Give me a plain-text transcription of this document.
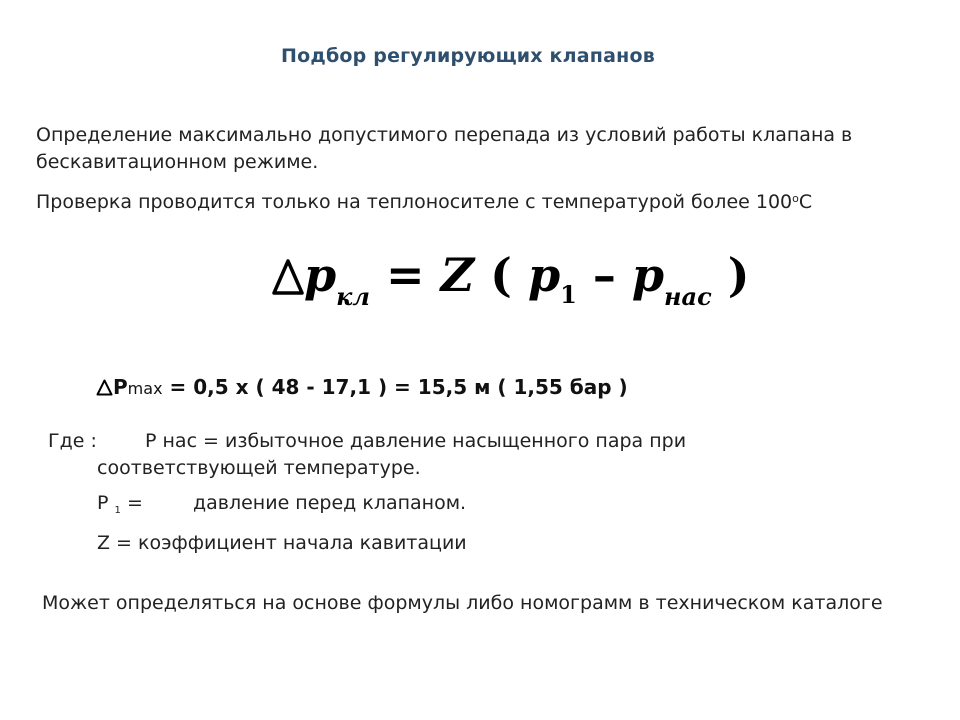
Подбор регулирующих клапанов
Определение максимально допустимого перепада из условий работы клапана в бескавитационном режиме.
Проверка проводится только на теплоносителе с температурой более $100^оС$
pкл = Z ( p1 – pнас )
Pmax = 0,5 х ( 48 - 17,1 ) = 15,5 м ( 1,55 бар )
Где :	P нас = избыточное давление насыщенного пара при
соответствующей температуре.
P $_1$ =	давление перед клапаном.
Z = коэффициент начала кавитации
Может определяться на основе формулы либо номограмм в техническом каталоге
